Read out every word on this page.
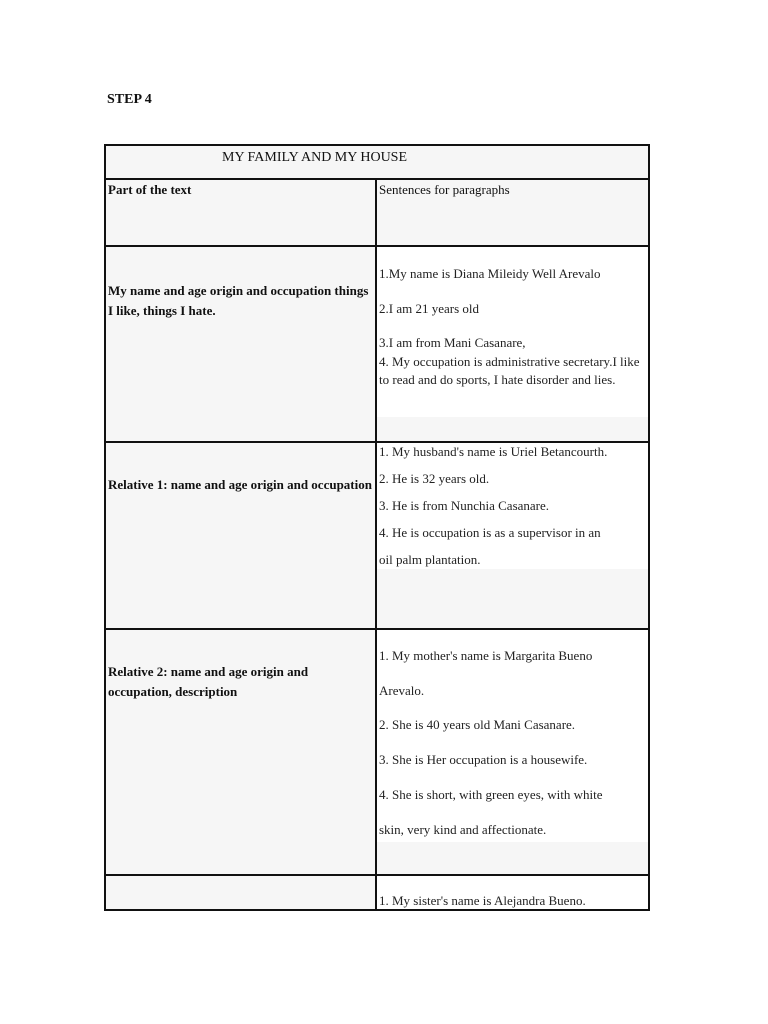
STEP 4

MY FAMILY AND MY HOUSE
Part of the text	Sentences for paragraphs
My name and age origin and occupation things I like, things I hate.
1.My name is Diana Mileidy Well Arevalo
2.I am 21 years old
3.I am from Mani Casanare,
4. My occupation is administrative secretary.I like to read and do sports, I hate disorder and lies.
Relative 1: name and age origin and occupation
1. My husband's name is Uriel Betancourth.
2. He is 32 years old.
3. He is from Nunchia Casanare.
4. He is occupation is as a supervisor in an
oil palm plantation.
Relative 2: name and age origin and occupation, description
1. My mother's name is Margarita Bueno
Arevalo.
2. She is 40 years old Mani Casanare.
3. She is Her occupation is a housewife.
4. She is short, with green eyes, with white
skin, very kind and affectionate.
1. My sister's name is Alejandra Bueno.
